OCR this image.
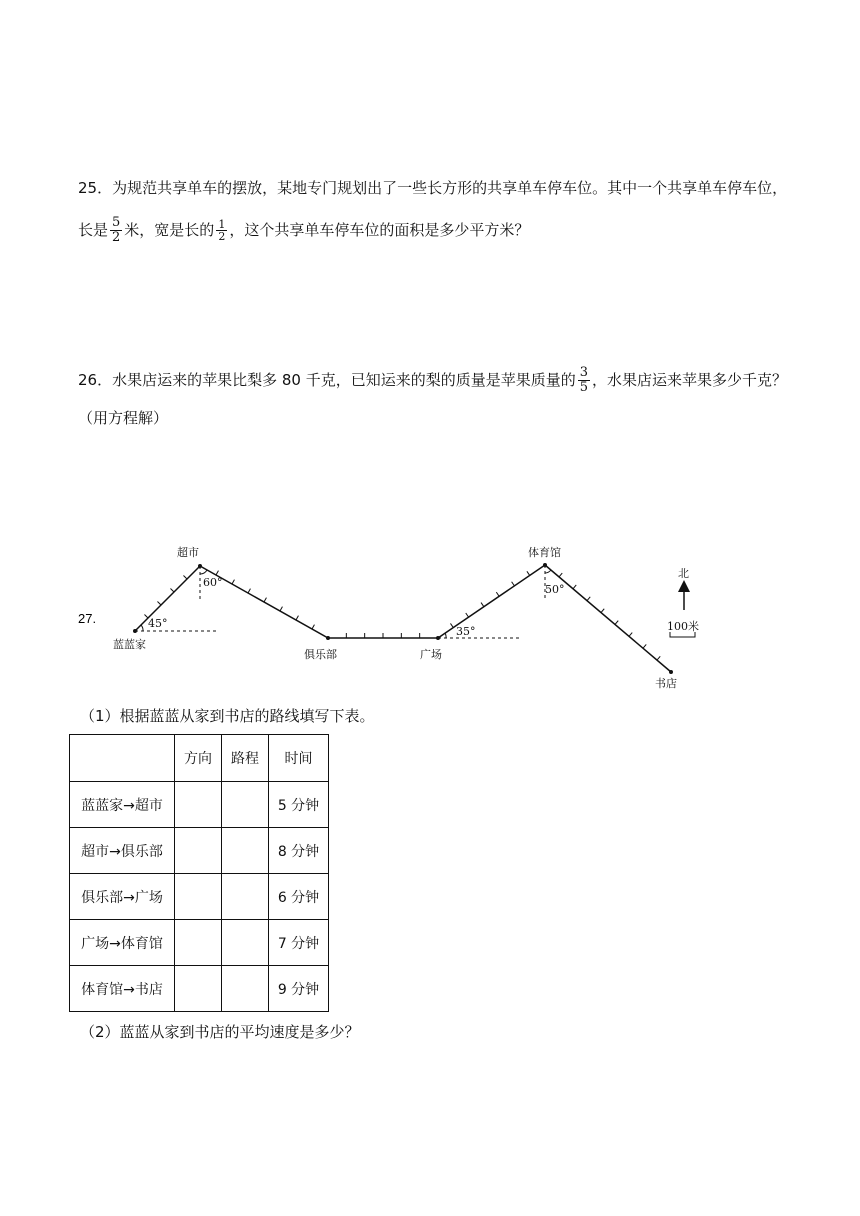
25．为规范共享单车的摆放，某地专门规划出了一些长方形的共享单车停车位。其中一个共享单车停车位，
长是 $\frac{5}{2}$ 米，宽是长的 $\frac{1}{2}$ ，这个共享单车停车位的面积是多少平方米？
26．水果店运来的苹果比梨多 80 千克，已知运来的梨的质量是苹果质量的 $\frac{3}{5}$ ，水果店运来苹果多少千克？
（用方程解）
27.
蓝蓝家
超市
俱乐部	广场
体育馆
书店
45°
60°
35°
50°
北
100米
（1）根据蓝蓝从家到书店的路线填写下表。
	方向	路程	时间
蓝蓝家→超市			5 分钟
超市→俱乐部			8 分钟
俱乐部→广场			6 分钟
广场→体育馆			7 分钟
体育馆→书店			9 分钟
（2）蓝蓝从家到书店的平均速度是多少？
